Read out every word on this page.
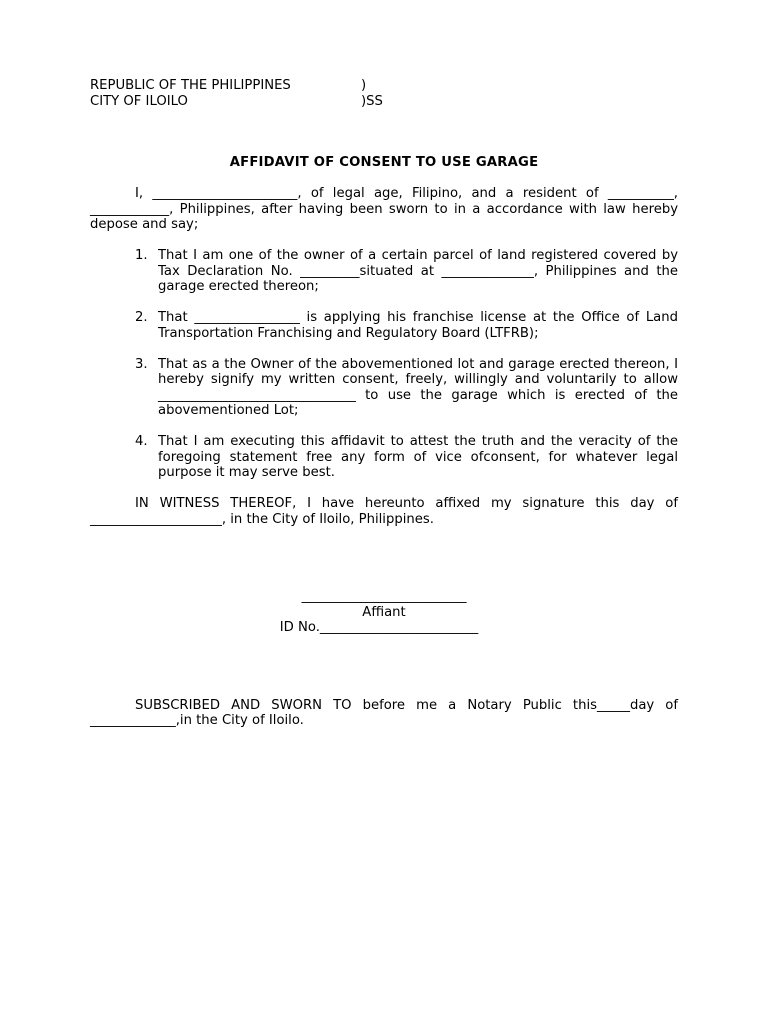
REPUBLIC OF THE PHILIPPINES	)
CITY OF ILOILO	)SS
AFFIDAVIT OF CONSENT TO USE GARAGE
I, ______________________, of legal age, Filipino, and a resident of __________, ____________, Philippines, after having been sworn to in a accordance with law hereby depose and say;
1. That I am one of the owner of a certain parcel of land registered covered by Tax Declaration No. _________situated at ______________, Philippines and the garage erected thereon;
2. That ________________ is applying his franchise license at the Office of Land Transportation Franchising and Regulatory Board (LTFRB);
3. That as a the Owner of the abovementioned lot and garage erected thereon, I hereby signify my written consent, freely, willingly and voluntarily to allow ______________________________ to use the garage which is erected of the abovementioned Lot;
4. That I am executing this affidavit to attest the truth and the veracity of the foregoing statement free any form of vice ofconsent, for whatever legal purpose it may serve best.
IN WITNESS THEREOF, I have hereunto affixed my signature this day of ____________________, in the City of Iloilo, Philippines.
_________________________
Affiant
ID No.________________________
SUBSCRIBED AND SWORN TO before me a Notary Public this_____day of _____________,in the City of Iloilo.
